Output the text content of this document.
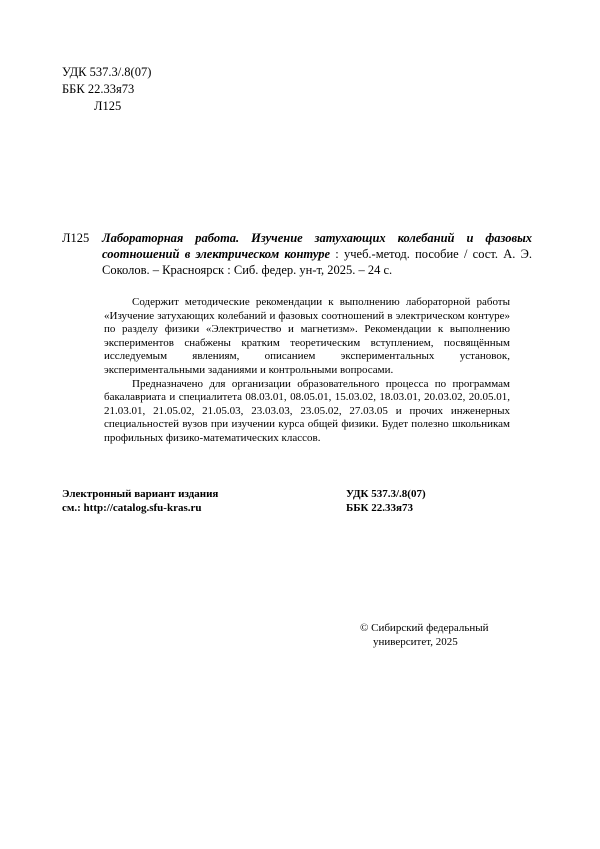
УДК 537.3/.8(07)
ББК 22.33я73
Л125
Л125 Лабораторная работа. Изучение затухающих колебаний и фазовых соотношений в электрическом контуре : учеб.-метод. пособие / сост. А. Э. Соколов. – Красноярск : Сиб. федер. ун-т, 2025. – 24 с.

Содержит методические рекомендации к выполнению лабораторной работы «Изучение затухающих колебаний и фазовых соотношений в электрическом контуре» по разделу физики «Электричество и магнетизм». Рекомендации к выполнению экспериментов снабжены кратким теоретическим вступлением, посвящённым исследуемым явлениям, описанием экспериментальных установок, экспериментальными заданиями и контрольными вопросами.

Предназначено для организации образовательного процесса по программам бакалавриата и специалитета 08.03.01, 08.05.01, 15.03.02, 18.03.01, 20.03.02, 20.05.01, 21.03.01, 21.05.02, 21.05.03, 23.03.03, 23.05.02, 27.03.05 и прочих инженерных специальностей вузов при изучении курса общей физики. Будет полезно школьникам профильных физико-математических классов.

Электронный вариант издания
см.: http://catalog.sfu-kras.ru
УДК 537.3/.8(07)
ББК 22.33я73
© Сибирский федеральный
университет, 2025
